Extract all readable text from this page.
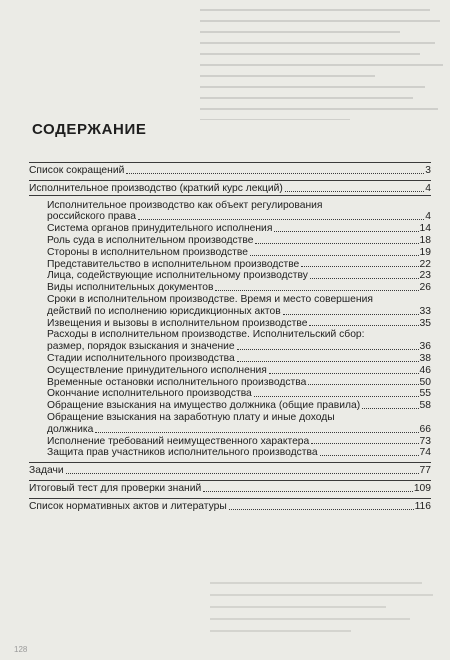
СОДЕРЖАНИЕ
Список сокращений	3
Исполнительное производство (краткий курс лекций)	4
Исполнительное производство как объект регулирования
российского права	4
Система органов принудительного исполнения	14
Роль суда в исполнительном производстве	18
Стороны в исполнительном производстве	19
Представительство в исполнительном производстве	22
Лица, содействующие исполнительному производству	23
Виды исполнительных документов	26
Сроки в исполнительном производстве. Время и место совершения
действий по исполнению юрисдикционных актов	33
Извещения и вызовы в исполнительном производстве	35
Расходы в исполнительном производстве. Исполнительский сбор:
размер, порядок взыскания и значение	36
Стадии исполнительного производства	38
Осуществление принудительного исполнения	46
Временные остановки исполнительного производства	50
Окончание исполнительного производства	55
Обращение взыскания на имущество должника (общие правила)	58
Обращение взыскания на заработную плату и иные доходы
должника	66
Исполнение требований неимущественного характера	73
Защита прав участников исполнительного производства	74
Задачи	77
Итоговый тест для проверки знаний	109
Список нормативных актов и литературы	116
128
